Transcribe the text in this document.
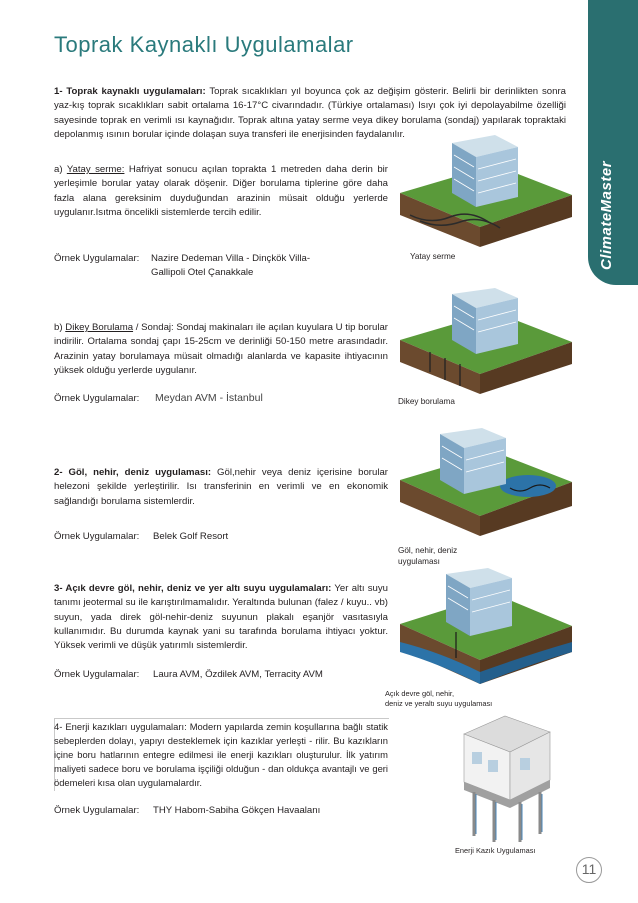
ClimateMaster
Toprak Kaynaklı Uygulamalar
1- Toprak kaynaklı uygulamaları: Toprak sıcaklıkları yıl boyunca çok az değişim gösterir. Belirli bir derinlikten sonra yaz-kış toprak sıcaklıkları sabit ortalama 16-17°C civarındadır. (Türkiye ortalaması) Isıyı çok iyi depolayabilme özelliği sayesinde toprak en verimli ısı kaynağıdır. Toprak altına yatay serme veya dikey borulama (sondaj) yapılarak topraktaki depolanmış ısının borular içinde dolaşan suya transferi ile enerjisinden faydalanılır.
a) Yatay serme: Hafriyat sonucu açılan toprakta 1 metreden daha derin bir yerleşimle borular yatay olarak döşenir. Diğer borulama tiplerine göre daha fazla alana gereksinim duyduğundan arazinin müsait olduğu yerlerde uygulanır.Isıtma öncelikli sistemlerde tercih edilir.
Örnek Uygulamalar: Nazire Dedeman Villa - Dinçkök Villa-
Gallipoli Otel Çanakkale
Yatay serme
b) Dikey Borulama / Sondaj: Sondaj makinaları ile açılan kuyulara U tip borular indirilir. Ortalama sondaj çapı 15-25cm ve derinliği 50-150 metre arasındadır. Arazinin yatay borulamaya müsait olmadığı alanlarda ve kapasite ihtiyacının yüksek olduğu yerlerde uygulanır.
Örnek Uygulamalar: Meydan AVM - İstanbul	Dikey borulama
2- Göl, nehir, deniz uygulaması: Göl,nehir veya deniz içerisine borular helezoni şekilde yerleştirilir. Isı transferinin en verimli ve en ekonomik sağlandığı borulama sistemlerdir.
Örnek Uygulamalar: Belek Golf Resort
Göl, nehir, deniz
uygulaması
3- Açık devre göl, nehir, deniz ve yer altı suyu uygulamaları: Yer altı suyu tanımı jeotermal su ile karıştırılmamalıdır. Yeraltında bulunan (falez / kuyu.. vb) suyun, yada direk göl-nehir-deniz suyunun plakalı eşanjör vasıtasıyla kullanımıdır. Bu durumda kaynak yani su tarafında borulama ihtiyacı yoktur. Yüksek verimli ve düşük yatırımlı sistemlerdir.
Örnek Uygulamalar: Laura AVM, Özdilek AVM, Terracity AVM
Açık devre göl, nehir,
deniz ve yeraltı suyu uygulaması
4- Enerji kazıkları uygulamaları: Modern yapılarda zemin koşullarına bağlı statik sebeplerden dolayı, yapıyı desteklemek için kazıklar yerleşti - rilir. Bu kazıkların içine boru hatlarının entegre edilmesi ile enerji kazıkları oluşturulur. İlk yatırım maliyeti sadece boru ve borulama işçiliği olduğun - dan oldukça avantajlı ve geri ödemeleri kısa olan uygulamalardır.
Örnek Uygulamalar: THY Habom-Sabiha Gökçen Havaalanı
Enerji Kazık Uygulaması
11
